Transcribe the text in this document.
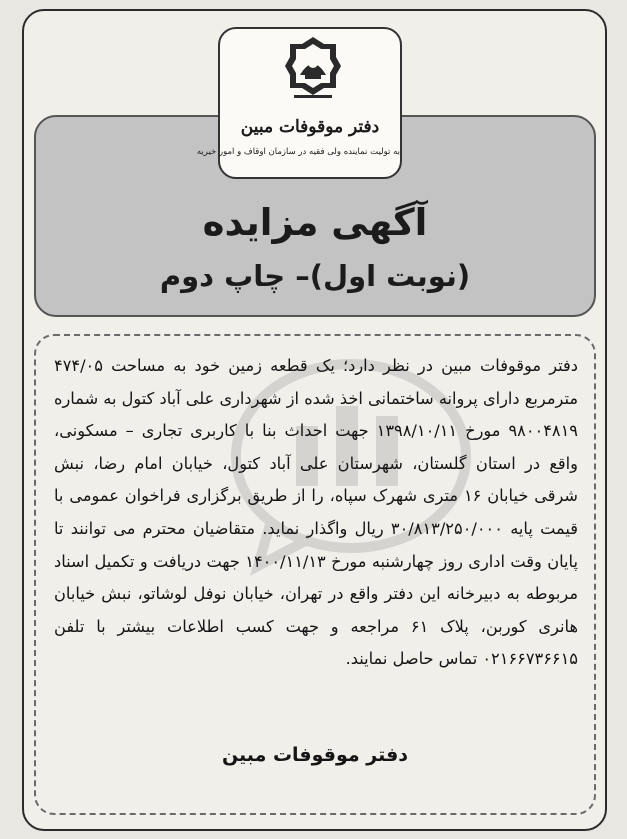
آگهی مزایده
(نوبت اول)– چاپ دوم
دفتر موقوفات مبین
به تولیت نماینده ولی فقیه در سازمان اوقاف و امور خیریه
دفتر موقوفات مبین در نظر دارد؛ یک قطعه زمین خود به مساحت ۴۷۴/۰۵ مترمربع دارای پروانه ساختمانی اخذ شده از شهرداری علی آباد کتول به شماره ۹۸۰۰۴۸۱۹ مورخ ۱۳۹۸/۱۰/۱۱ جهت احداث بنا با کاربری تجاری – مسکونی، واقع در استان گلستان، شهرستان علی آباد کتول، خیابان امام رضا، نبش شرقی خیابان ۱۶ متری شهرک سپاه، را از طریق برگزاری فراخوان عمومی با قیمت پایه ۳۰/۸۱۳/۲۵۰/۰۰۰ ریال واگذار نماید. متقاضیان محترم می توانند تا پایان وقت اداری روز چهارشنبه مورخ ۱۴۰۰/۱۱/۱۳ جهت دریافت و تکمیل اسناد مربوطه به دبیرخانه این دفتر واقع در تهران، خیابان نوفل لوشاتو، نبش خیابان هانری کوربن، پلاک ۶۱ مراجعه و جهت کسب اطلاعات بیشتر با تلفن ۰۲۱۶۶۷۳۶۶۱۵ تماس حاصل نمایند.
دفتر موقوفات مبین
